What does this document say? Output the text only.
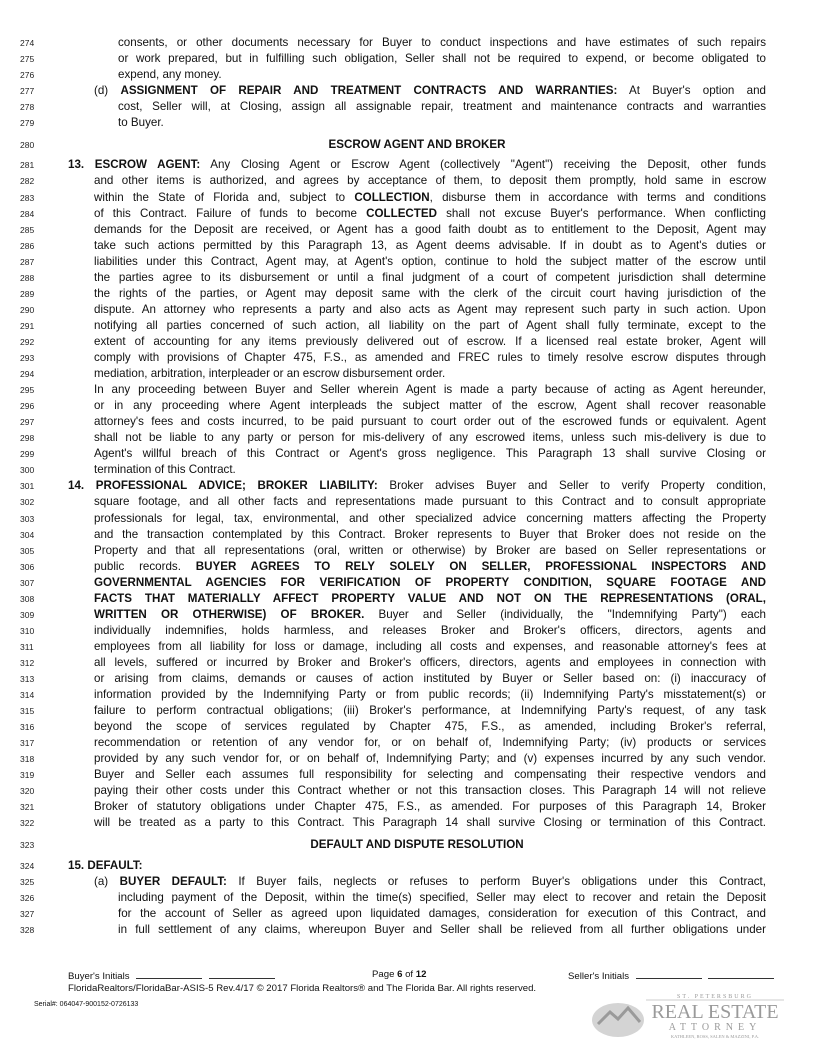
274	consents, or other documents necessary for Buyer to conduct inspections and have estimates of such repairs
275	or work prepared, but in fulfilling such obligation, Seller shall not be required to expend, or become obligated to
276	expend, any money.
277	(d) ASSIGNMENT OF REPAIR AND TREATMENT CONTRACTS AND WARRANTIES: At Buyer's option and
278	cost, Seller will, at Closing, assign all assignable repair, treatment and maintenance contracts and warranties
279	to Buyer.
280	ESCROW AGENT AND BROKER
281	13. ESCROW AGENT: Any Closing Agent or Escrow Agent (collectively "Agent") receiving the Deposit, other funds
282	and other items is authorized, and agrees by acceptance of them, to deposit them promptly, hold same in escrow
283	within the State of Florida and, subject to COLLECTION, disburse them in accordance with terms and conditions
284	of this Contract. Failure of funds to become COLLECTED shall not excuse Buyer's performance. When conflicting
285	demands for the Deposit are received, or Agent has a good faith doubt as to entitlement to the Deposit, Agent may
286	take such actions permitted by this Paragraph 13, as Agent deems advisable. If in doubt as to Agent's duties or
287	liabilities under this Contract, Agent may, at Agent's option, continue to hold the subject matter of the escrow until
288	the parties agree to its disbursement or until a final judgment of a court of competent jurisdiction shall determine
289	the rights of the parties, or Agent may deposit same with the clerk of the circuit court having jurisdiction of the
290	dispute. An attorney who represents a party and also acts as Agent may represent such party in such action. Upon
291	notifying all parties concerned of such action, all liability on the part of Agent shall fully terminate, except to the
292	extent of accounting for any items previously delivered out of escrow. If a licensed real estate broker, Agent will
293	comply with provisions of Chapter 475, F.S., as amended and FREC rules to timely resolve escrow disputes through
294	mediation, arbitration, interpleader or an escrow disbursement order.
295	In any proceeding between Buyer and Seller wherein Agent is made a party because of acting as Agent hereunder,
296	or in any proceeding where Agent interpleads the subject matter of the escrow, Agent shall recover reasonable
297	attorney's fees and costs incurred, to be paid pursuant to court order out of the escrowed funds or equivalent. Agent
298	shall not be liable to any party or person for mis-delivery of any escrowed items, unless such mis-delivery is due to
299	Agent's willful breach of this Contract or Agent's gross negligence. This Paragraph 13 shall survive Closing or
300	termination of this Contract.
301	14. PROFESSIONAL ADVICE; BROKER LIABILITY: Broker advises Buyer and Seller to verify Property condition,
302	square footage, and all other facts and representations made pursuant to this Contract and to consult appropriate
303	professionals for legal, tax, environmental, and other specialized advice concerning matters affecting the Property
304	and the transaction contemplated by this Contract. Broker represents to Buyer that Broker does not reside on the
305	Property and that all representations (oral, written or otherwise) by Broker are based on Seller representations or
306	public records. BUYER AGREES TO RELY SOLELY ON SELLER, PROFESSIONAL INSPECTORS AND
307	GOVERNMENTAL AGENCIES FOR VERIFICATION OF PROPERTY CONDITION, SQUARE FOOTAGE AND
308	FACTS THAT MATERIALLY AFFECT PROPERTY VALUE AND NOT ON THE REPRESENTATIONS (ORAL,
309	WRITTEN OR OTHERWISE) OF BROKER. Buyer and Seller (individually, the "Indemnifying Party") each
310	individually indemnifies, holds harmless, and releases Broker and Broker's officers, directors, agents and
311	employees from all liability for loss or damage, including all costs and expenses, and reasonable attorney's fees at
312	all levels, suffered or incurred by Broker and Broker's officers, directors, agents and employees in connection with
313	or arising from claims, demands or causes of action instituted by Buyer or Seller based on: (i) inaccuracy of
314	information provided by the Indemnifying Party or from public records; (ii) Indemnifying Party's misstatement(s) or
315	failure to perform contractual obligations; (iii) Broker's performance, at Indemnifying Party's request, of any task
316	beyond the scope of services regulated by Chapter 475, F.S., as amended, including Broker's referral,
317	recommendation or retention of any vendor for, or on behalf of, Indemnifying Party; (iv) products or services
318	provided by any such vendor for, or on behalf of, Indemnifying Party; and (v) expenses incurred by any such vendor.
319	Buyer and Seller each assumes full responsibility for selecting and compensating their respective vendors and
320	paying their other costs under this Contract whether or not this transaction closes. This Paragraph 14 will not relieve
321	Broker of statutory obligations under Chapter 475, F.S., as amended. For purposes of this Paragraph 14, Broker
322	will be treated as a party to this Contract. This Paragraph 14 shall survive Closing or termination of this Contract.
323	DEFAULT AND DISPUTE RESOLUTION
324	15. DEFAULT:
325	(a) BUYER DEFAULT: If Buyer fails, neglects or refuses to perform Buyer's obligations under this Contract,
326	including payment of the Deposit, within the time(s) specified, Seller may elect to recover and retain the Deposit
327	for the account of Seller as agreed upon liquidated damages, consideration for execution of this Contract, and
328	in full settlement of any claims, whereupon Buyer and Seller shall be relieved from all further obligations under
Buyer's Initials	Page 6 of 12	Seller's Initials
FloridaRealtors/FloridaBar-ASIS-5 Rev.4/17 © 2017 Florida Realtors® and The Florida Bar. All rights reserved.
Serial#: 064047-900152-0726133
ST. PETERSBURG
REAL ESTATE
ATTORNEY
KATHLEEN, ROSS, SALEN & MAZZINI, P.A.
